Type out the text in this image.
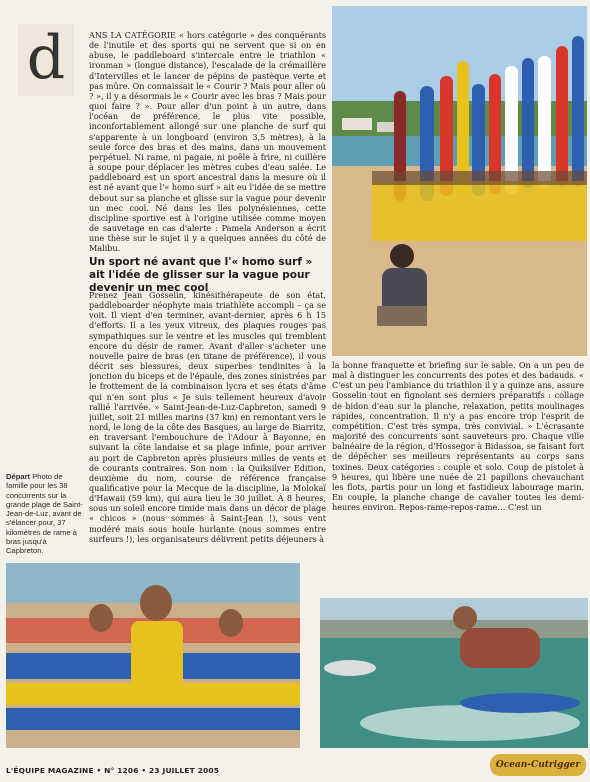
d	ANS LA CATÉGORIE « hors catégorie » des conquérants de l'inutile et des sports qui ne servent que si on en abuse, le paddleboard s'intercale entre le triathlon « ironman » (longue distance), l'escalade de la crémaillère d'Intervilles et le lancer de pépins de pastèque verte et pas mûre. On connaissait le « Courir ? Mais pour aller où ? », il y a désormais le « Courir avec les bras ? Mais pour quoi faire ? ». Pour aller d'un point à un autre, dans l'océan de préférence, le plus vite possible, inconfortablement allongé sur une planche de surf qui s'apparente à un longboard (environ 3,5 mètres), à la seule force des bras et des mains, dans un mouvement perpétuel. Ni rame, ni pagaie, ni poêle à frire, ni cuillère à soupe pour déplacer les mètres cubes d'eau salée. Le paddleboard est un sport ancestral dans la mesure où il est né avant que l'« homo surf » ait eu l'idée de se mettre debout sur sa planche et glisse sur la vague pour devenir un mec cool. Né dans les îles polynésiennes, cette discipline sportive est à l'origine utilisée comme moyen de sauvetage en cas d'alerte : Pamela Anderson a écrit une thèse sur le sujet il y a quelques années du côté de Malibu.

Un sport né avant que l'« homo surf » ait l'idée de glisser sur la vague pour devenir un mec cool

Prenez Jean Gosselin, kinésithérapeute de son état, paddleboarder néophyte mais triathlète accompli – ça se voit. Il vient d'en terminer, avant-dernier, après 6 h 15 d'efforts. Il a les yeux vitreux, des plaques rouges pas sympathiques sur le ventre et les muscles qui tremblent encore du désir de ramer. Avant d'aller s'acheter une nouvelle paire de bras (en titane de préférence), il vous décrit ses blessures, deux superbes tendinites à la jonction du biceps et de l'épaule, des zones sinistrées par le frottement de la combinaison lycra et ses états d'âme qui n'en sont plus « Je suis tellement heureux d'avoir rallié l'arrivée. » Saint-Jean-de-Luz-Capbreton, samedi 9 juillet, soit 21 milles marins (37 km) en remontant vers le nord, le long de la côte des Basques, au large de Biarritz, en traversant l'embouchure de l'Adour à Bayonne, en suivant la côte landaise et sa plage infinie, pour arriver au port de Capbreton après plusieurs milles de vents et de courants contraires. Son nom : la Quiksilver Edition, deuxième du nom, course de référence française qualificative pour la Mecque de la discipline, la Molokaï d'Hawaii (59 km), qui aura lieu le 30 juillet. À 8 heures, sous un soleil encore timide mais dans un décor de plage « chicos » (nous sommes à Saint-Jean !), sous vent modéré mais sous houle hurlante (nous sommes entre surfeurs !), les organisateurs délivrent petits déjeuners à

la bonne franquette et briefing sur le sable. On a un peu de mal à distinguer les concurrents des potes et des badauds. « C'est un peu l'ambiance du triathlon il y a quinze ans, assure Gosselin tout en fignolant ses derniers préparatifs : collage de bidon d'eau sur la planche, relaxation, petits moulinages rapides, concentration. Il n'y a pas encore trop l'esprit de compétition. C'est très sympa, très convivial. » L'écrasante majorité des concurrents sont sauveteurs pro. Chaque ville balnéaire de la région, d'Hossegor à Bidassoa, se faisant fort de dépêcher ses meilleurs représentants au corps sans toxines. Deux catégories : couple et solo. Coup de pistolet à 9 heures, qui libère une nuée de 21 papillons chevauchant les flots, partis pour un long et fastidieux labourage marin. En couple, la planche change de cavalier toutes les demi-heures environ. Repos-rame-repos-rame… C'est un

Départ Photo de famille pour les 38 concurrents sur la grande plage de Saint-Jean-de-Luz, avant de s'élancer pour, 37 kilomètres de rame à bras jusqu'à Capbreton.
L'ÉQUIPE MAGAZINE • N° 1206 • 23 JUILLET 2005
Ocean-Cutrigger
